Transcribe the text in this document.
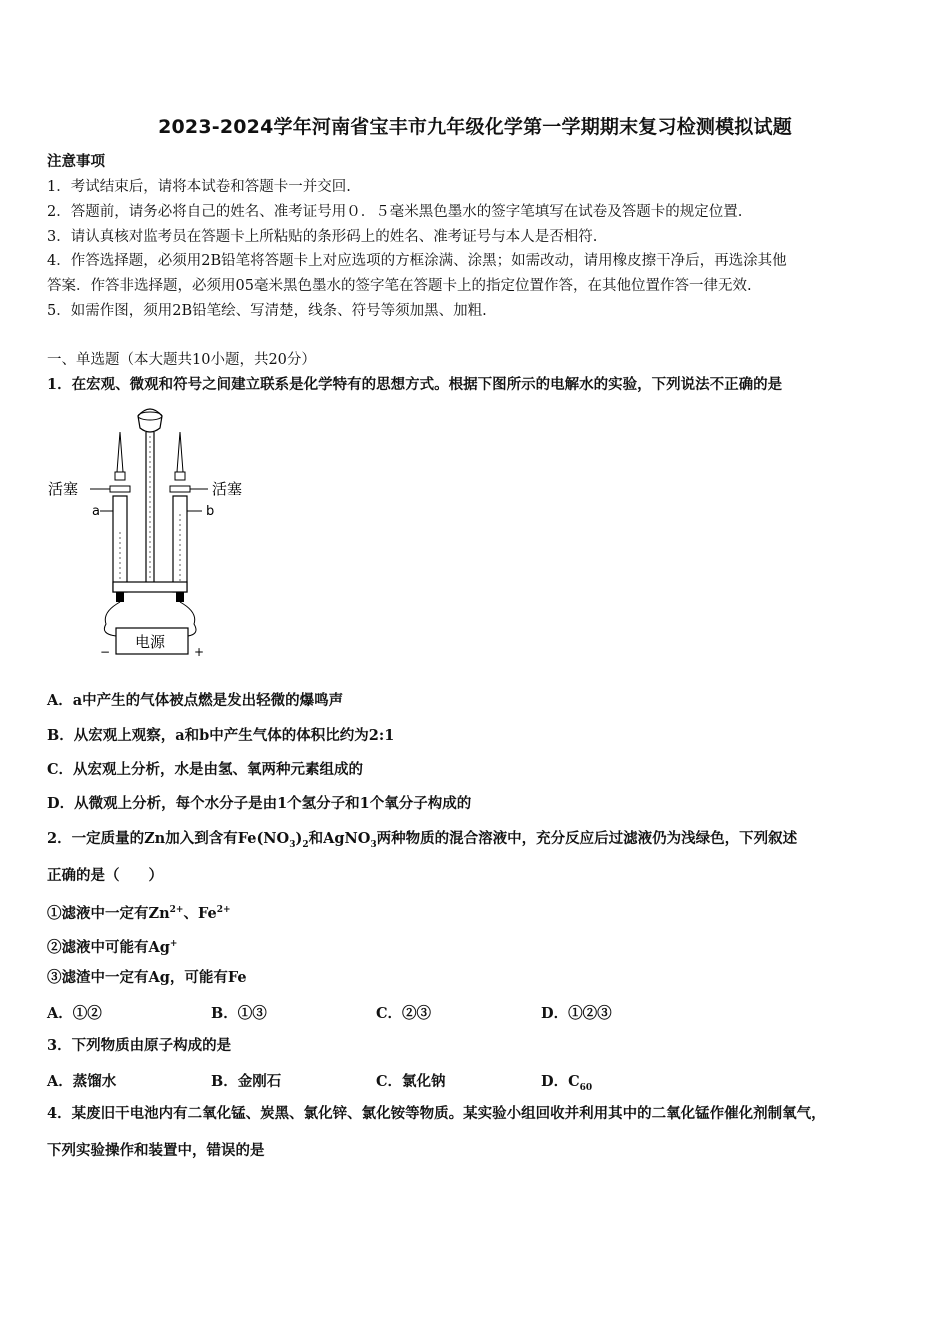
2023-2024学年河南省宝丰市九年级化学第一学期期末复习检测模拟试题
注意事项
1．考试结束后，请将本试卷和答题卡一并交回.
2．答题前，请务必将自己的姓名、准考证号用０．５毫米黑色墨水的签字笔填写在试卷及答题卡的规定位置.
3．请认真核对监考员在答题卡上所粘贴的条形码上的姓名、准考证号与本人是否相符.
4．作答选择题，必须用2B铅笔将答题卡上对应选项的方框涂满、涂黑；如需改动，请用橡皮擦干净后，再选涂其他
答案．作答非选择题，必须用05毫米黑色墨水的签字笔在答题卡上的指定位置作答，在其他位置作答一律无效.
5．如需作图，须用2B铅笔绘、写清楚，线条、符号等须加黑、加粗.
一、单选题（本大题共10小题，共20分）
1．在宏观、微观和符号之间建立联系是化学特有的思想方式。根据下图所示的电解水的实验，下列说法不正确的是
活塞	活塞
a	b
电源
−	+
A．a中产生的气体被点燃是发出轻微的爆鸣声
B．从宏观上观察，a和b中产生气体的体积比约为2:1
C．从宏观上分析，水是由氢、氧两种元素组成的
D．从微观上分析，每个水分子是由1个氢分子和1个氧分子构成的
2．一定质量的Zn加入到含有$Fe(NO_3)_2$和AgNO$_3$两种物质的混合溶液中，充分反应后过滤液仍为浅绿色，下列叙述
正确的是（　　）
①滤液中一定有$Zn^{2+}$、$Fe^{2+}$
②滤液中可能有Ag+
③滤渣中一定有Ag，可能有Fe
A．①②	B．①③	C．②③	D．①②③
3．下列物质由原子构成的是
A．蒸馏水	B．金刚石	C．氯化钠	D．$C_{60}$
4．某废旧干电池内有二氧化锰、炭黑、氯化锌、氯化铵等物质。某实验小组回收并利用其中的二氧化锰作催化剂制氧气，
下列实验操作和装置中，错误的是
